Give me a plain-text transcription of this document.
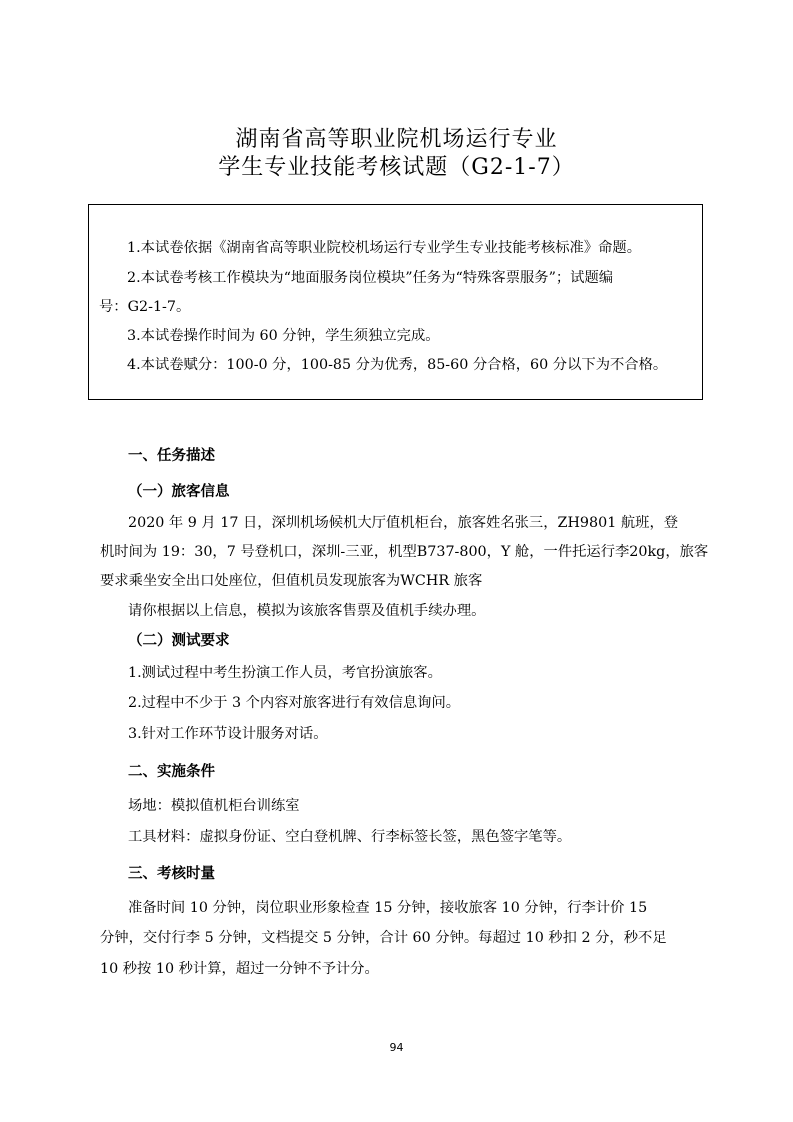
湖南省高等职业院机场运行专业
学生专业技能考核试题（G2-1-7）
1.本试卷依据《湖南省高等职业院校机场运行专业学生专业技能考核标准》命题。
2.本试卷考核工作模块为“地面服务岗位模块”任务为“特殊客票服务”；试题编
号：G2-1-7。
3.本试卷操作时间为 60 分钟，学生须独立完成。
4.本试卷赋分：100-0 分，100-85 分为优秀，85-60 分合格，60 分以下为不合格。
一、任务描述
（一）旅客信息
2020 年 9 月 17 日，深圳机场候机大厅值机柜台，旅客姓名张三，ZH9801 航班，登
机时间为 19：30，7 号登机口，深圳-三亚，机型B737-800，Y 舱，一件托运行李20kg，旅客
要求乘坐安全出口处座位，但值机员发现旅客为WCHR 旅客
请你根据以上信息，模拟为该旅客售票及值机手续办理。
（二）测试要求
1.测试过程中考生扮演工作人员，考官扮演旅客。
2.过程中不少于 3 个内容对旅客进行有效信息询问。
3.针对工作环节设计服务对话。
二、实施条件
场地：模拟值机柜台训练室
工具材料：虚拟身份证、空白登机牌、行李标签长签，黑色签字笔等。
三、考核时量
准备时间 10 分钟，岗位职业形象检查 15 分钟，接收旅客 10 分钟，行李计价 15
分钟，交付行李 5 分钟，文档提交 5 分钟，合计 60 分钟。每超过 10 秒扣 2 分，秒不足
10 秒按 10 秒计算，超过一分钟不予计分。
94
